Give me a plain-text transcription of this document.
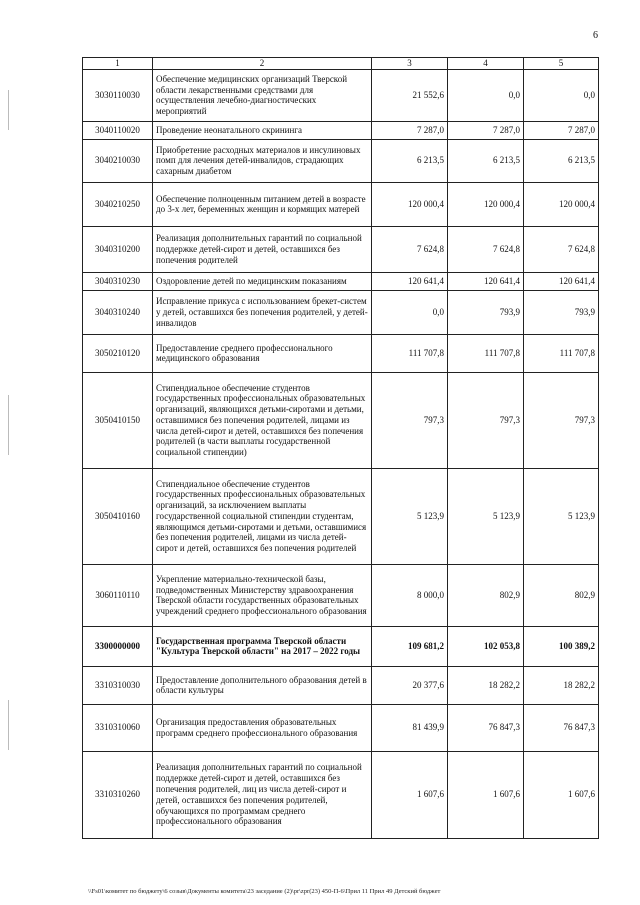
6
1	2	3	4	5
3030110030	Обеспечение медицинских организаций Тверской области лекарственными средствами для осуществления лечебно-диагностических мероприятий	21 552,6	0,0	0,0
3040110020	Проведение неонатального скрининга	7 287,0	7 287,0	7 287,0
3040210030	Приобретение расходных материалов и инсулиновых помп для лечения детей-инвалидов, страдающих сахарным диабетом	6 213,5	6 213,5	6 213,5
3040210250	Обеспечение полноценным питанием детей в возрасте до 3-х лет, беременных женщин и кормящих матерей	120 000,4	120 000,4	120 000,4
3040310200	Реализация дополнительных гарантий по социальной поддержке детей-сирот и детей, оставшихся без попечения родителей	7 624,8	7 624,8	7 624,8
3040310230	Оздоровление детей по медицинским показаниям	120 641,4	120 641,4	120 641,4
3040310240	Исправление прикуса с использованием брекет-систем у детей, оставшихся без попечения родителей, у детей-инвалидов	0,0	793,9	793,9
3050210120	Предоставление среднего профессионального медицинского образования	111 707,8	111 707,8	111 707,8
3050410150	Стипендиальное обеспечение студентов государственных профессиональных образовательных организаций, являющихся детьми-сиротами и детьми, оставшимися без попечения родителей, лицами из числа детей-сирот и детей, оставшихся без попечения родителей (в части выплаты государственной социальной стипендии)	797,3	797,3	797,3
3050410160	Стипендиальное обеспечение студентов государственных профессиональных образовательных организаций, за исключением выплаты государственной социальной стипендии студентам, являющимся детьми-сиротами и детьми, оставшимися без попечения родителей, лицами из числа детей-сирот и детей, оставшихся без попечения родителей	5 123,9	5 123,9	5 123,9
3060110110	Укрепление материально-технической базы, подведомственных Министерству здравоохранения Тверской области государственных образовательных учреждений среднего профессионального образования	8 000,0	802,9	802,9
3300000000	Государственная программа Тверской области "Культура Тверской области" на 2017 – 2022 годы	109 681,2	102 053,8	100 389,2
3310310030	Предоставление дополнительного образования детей в области культуры	20 377,6	18 282,2	18 282,2
3310310060	Организация предоставления образовательных программ среднего профессионального образования	81 439,9	76 847,3	76 847,3
3310310260	Реализация дополнительных гарантий по социальной поддержке детей-сирот и детей, оставшихся без попечения родителей, лиц из числа детей-сирот и детей, оставшихся без попечения родителей, обучающихся по программам среднего профессионального образования	1 607,6	1 607,6	1 607,6
\\Fs01\комитет по бюджету\6 созыв\Документы комитета\23 заседание (2)\pr\zpr(23) 450-П-6\Прил 11 Прил 49 Детский бюджет
